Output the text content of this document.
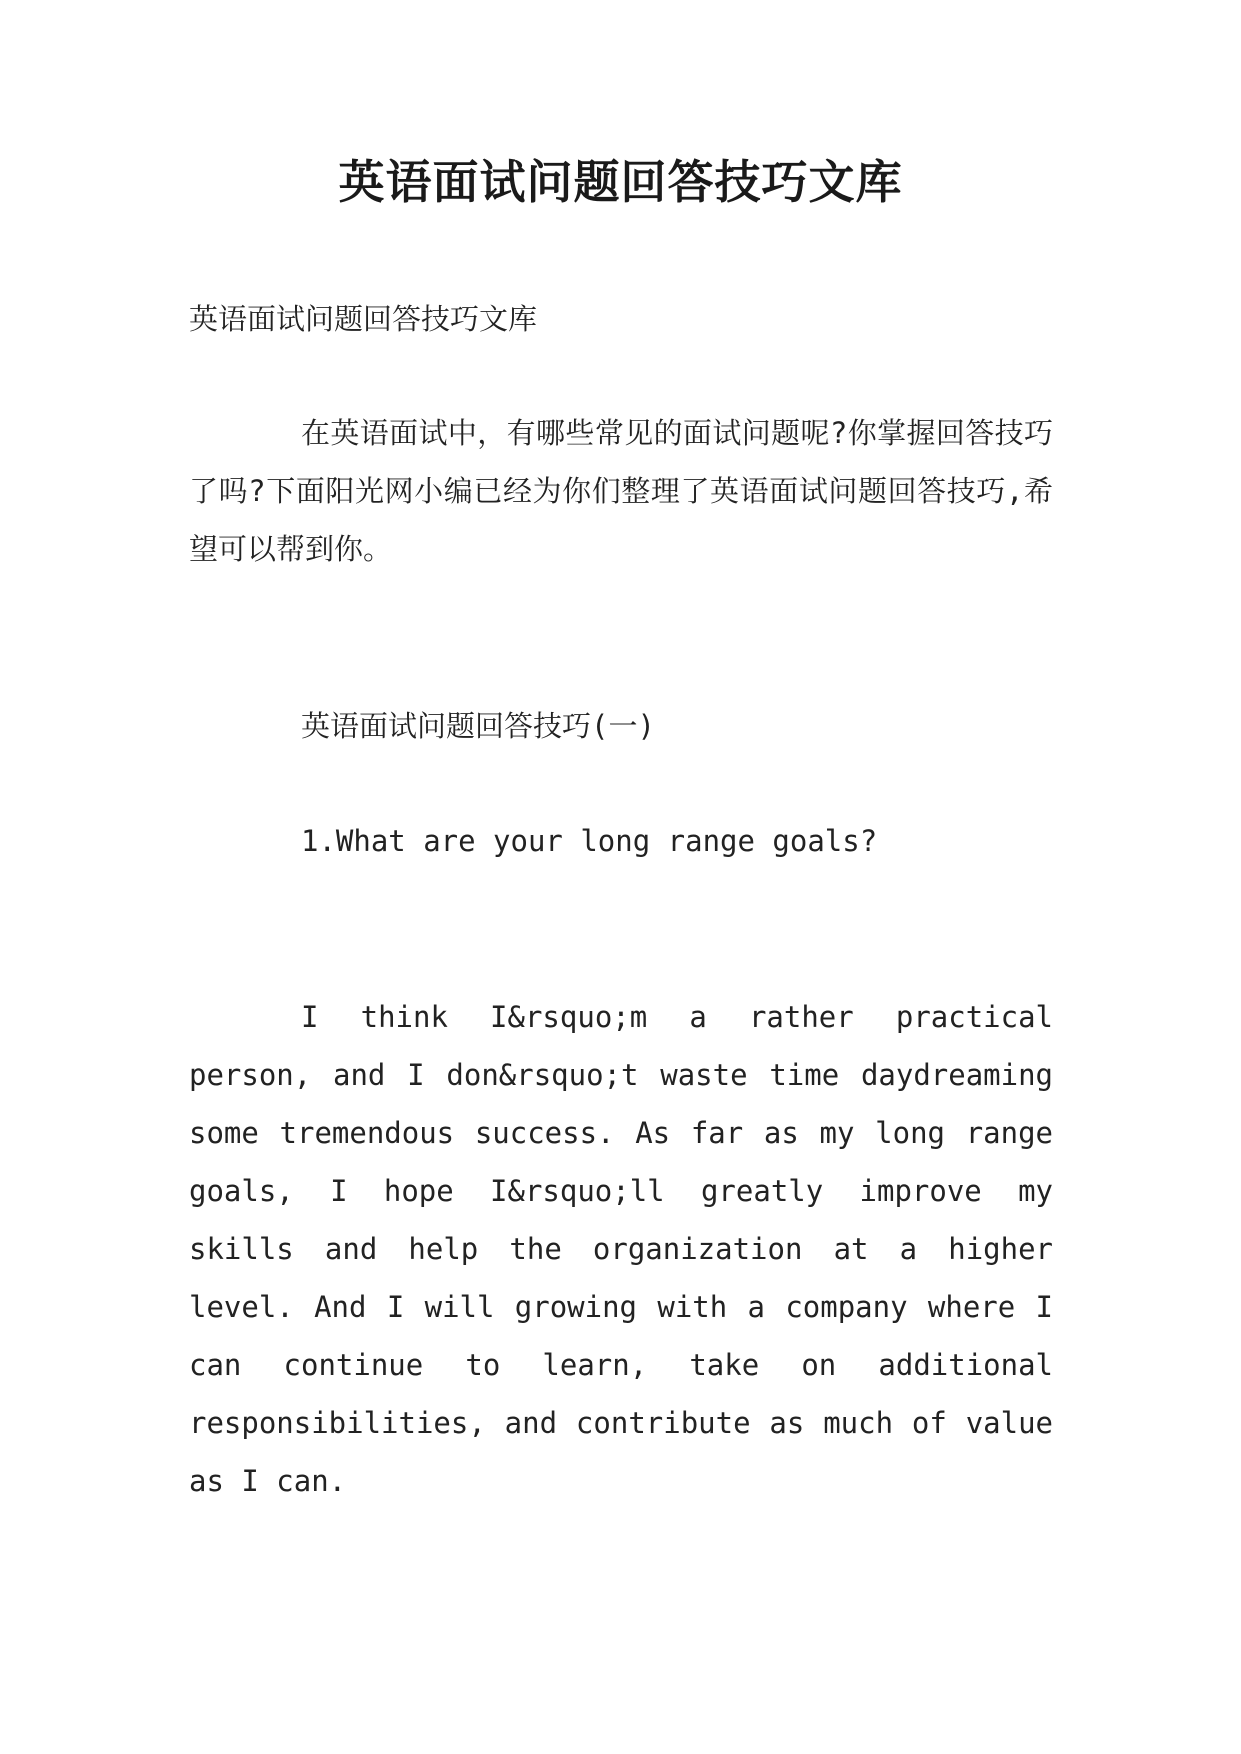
英语面试问题回答技巧文库

英语面试问题回答技巧文库

在英语面试中，有哪些常见的面试问题呢?你掌握回答技巧了吗?下面阳光网小编已经为你们整理了英语面试问题回答技巧,希望可以帮到你。

英语面试问题回答技巧(一)

1.What are your long range goals?

I think I&rsquo;m a rather practical person, and I don&rsquo;t waste time daydreaming some tremendous success. As far as my long range goals, I hope I&rsquo;ll greatly improve my skills and help the organization at a higher level. And I will growing with a company where I can continue to learn, take on additional responsibilities, and contribute as much of value as I can.
